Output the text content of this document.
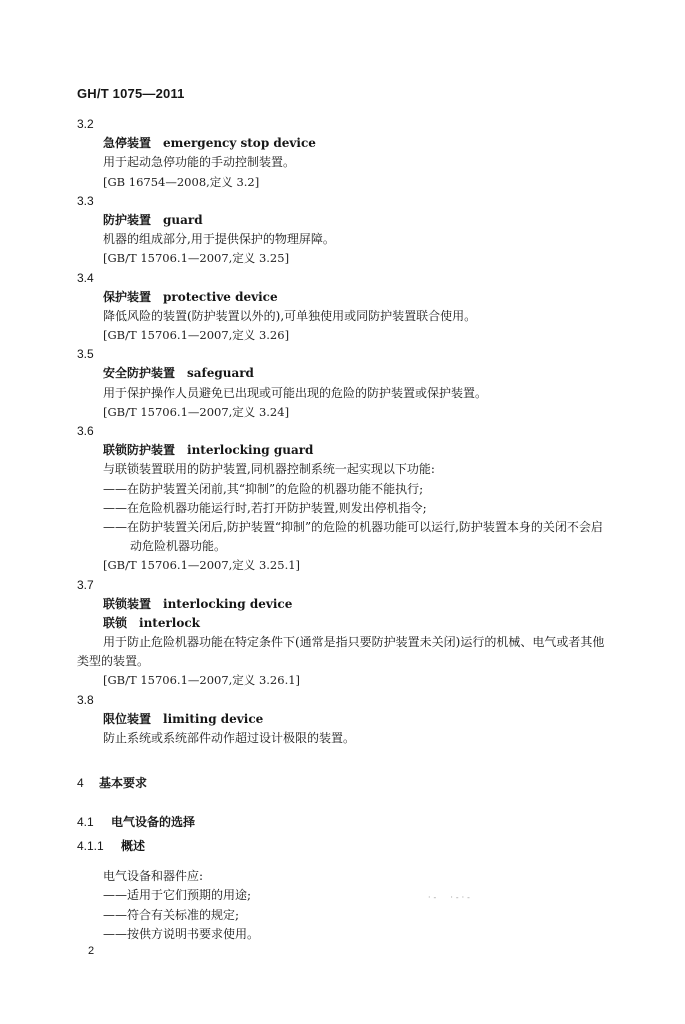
GH/T 1075—2011
3.2
急停装置 emergency stop device
用于起动急停功能的手动控制装置。
[GB 16754—2008,定义 3.2]
3.3
防护装置 guard
机器的组成部分,用于提供保护的物理屏障。
[GB/T 15706.1—2007,定义 3.25]
3.4
保护装置 protective device
降低风险的装置(防护装置以外的),可单独使用或同防护装置联合使用。
[GB/T 15706.1—2007,定义 3.26]
3.5
安全防护装置 safeguard
用于保护操作人员避免已出现或可能出现的危险的防护装置或保护装置。
[GB/T 15706.1—2007,定义 3.24]
3.6
联锁防护装置 interlocking guard
与联锁装置联用的防护装置,同机器控制系统一起实现以下功能:
——在防护装置关闭前,其“抑制”的危险的机器功能不能执行;
——在危险机器功能运行时,若打开防护装置,则发出停机指令;
——在防护装置关闭后,防护装置“抑制”的危险的机器功能可以运行,防护装置本身的关闭不会启
动危险机器功能。
[GB/T 15706.1—2007,定义 3.25.1]
3.7
联锁装置 interlocking device
联锁 interlock
用于防止危险机器功能在特定条件下(通常是指只要防护装置未关闭)运行的机械、电气或者其他
类型的装置。
[GB/T 15706.1—2007,定义 3.26.1]
3.8
限位装置 limiting device
防止系统或系统部件动作超过设计极限的装置。
4 基本要求
4.1 电气设备的选择
4.1.1 概述
电气设备和器件应:
——适用于它们预期的用途;
——符合有关标准的规定;
——按供方说明书要求使用。
·-  ·-·-
2
